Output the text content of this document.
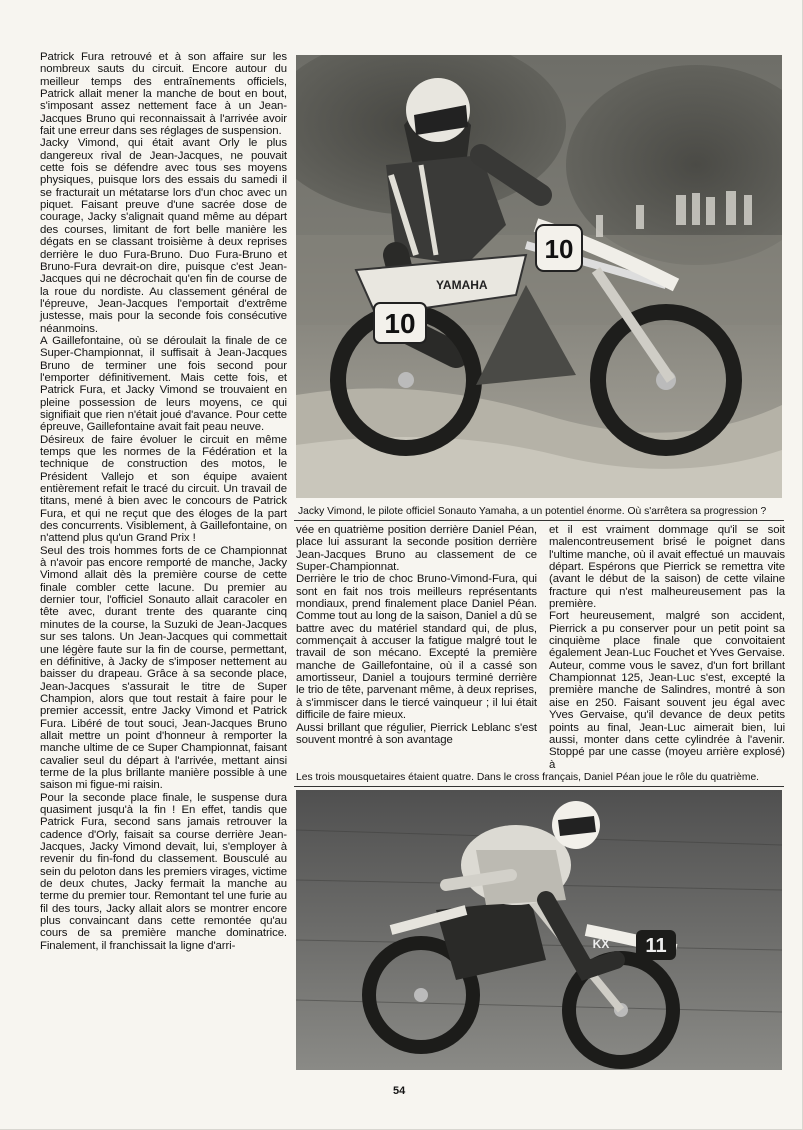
Patrick Fura retrouvé et à son affaire sur les nombreux sauts du circuit. Encore autour du meilleur temps des entraînements officiels, Patrick allait mener la manche de bout en bout, s'imposant assez nettement face à un Jean-Jacques Bruno qui reconnaissait à l'arrivée avoir fait une erreur dans ses réglages de suspension.

Jacky Vimond, qui était avant Orly le plus dangereux rival de Jean-Jacques, ne pouvait cette fois se défendre avec tous ses moyens physiques, puisque lors des essais du samedi il se fracturait un métatarse lors d'un choc avec un piquet. Faisant preuve d'une sacrée dose de courage, Jacky s'alignait quand même au départ des courses, limitant de fort belle manière les dégats en se classant troisième à deux reprises derrière le duo Fura-Bruno. Duo Fura-Bruno et Bruno-Fura devrait-on dire, puisque c'est Jean-Jacques qui ne décrochait qu'en fin de course de la roue du nordiste. Au classement général de l'épreuve, Jean-Jacques l'emportait d'extrême justesse, mais pour la seconde fois consécutive néanmoins.

A Gaillefontaine, où se déroulait la finale de ce Super-Championnat, il suffisait à Jean-Jacques Bruno de terminer une fois second pour l'emporter définitivement. Mais cette fois, et Patrick Fura, et Jacky Vimond se trouvaient en pleine possession de leurs moyens, ce qui signifiait que rien n'était joué d'avance. Pour cette épreuve, Gaillefontaine avait fait peau neuve.

Désireux de faire évoluer le circuit en même temps que les normes de la Fédération et la technique de construction des motos, le Président Vallejo et son équipe avaient entièrement refait le tracé du circuit. Un travail de titans, mené à bien avec le concours de Patrick Fura, et qui ne reçut que des éloges de la part des concurrents. Visiblement, à Gaillefontaine, on n'attend plus qu'un Grand Prix !

Seul des trois hommes forts de ce Championnat à n'avoir pas encore remporté de manche, Jacky Vimond allait dès la première course de cette finale combler cette lacune. Du premier au dernier tour, l'officiel Sonauto allait caracoler en tête avec, durant trente des quarante cinq minutes de la course, la Suzuki de Jean-Jacques sur ses talons. Un Jean-Jacques qui commettait une légère faute sur la fin de course, permettant, en définitive, à Jacky de s'imposer nettement au baisser du drapeau. Grâce à sa seconde place, Jean-Jacques s'assurait le titre de Super Champion, alors que tout restait à faire pour le premier accessit, entre Jacky Vimond et Patrick Fura. Libéré de tout souci, Jean-Jacques Bruno allait mettre un point d'honneur à remporter la manche ultime de ce Super Championnat, faisant cavalier seul du départ à l'arrivée, mettant ainsi terme de la plus brillante manière possible à une saison mi figue-mi raisin.

Pour la seconde place finale, le suspense dura quasiment jusqu'à la fin ! En effet, tandis que Patrick Fura, second sans jamais retrouver la cadence d'Orly, faisait sa course derrière Jean-Jacques, Jacky Vimond devait, lui, s'employer à revenir du fin-fond du classement. Bousculé au sein du peloton dans les premiers virages, victime de deux chutes, Jacky fermait la manche au terme du premier tour. Remontant tel une furie au fil des tours, Jacky allait alors se montrer encore plus convaincant dans cette remontée qu'au cours de sa première manche dominatrice. Finalement, il franchissait la ligne d'arri-

10
10
YAMAHA
Jacky Vimond, le pilote officiel Sonauto Yamaha, a un potentiel énorme. Où s'arrêtera sa progression ?

vée en quatrième position derrière Daniel Péan, place lui assurant la seconde position derrière Jean-Jacques Bruno au classement de ce Super-Championnat.

Derrière le trio de choc Bruno-Vimond-Fura, qui sont en fait nos trois meilleurs représentants mondiaux, prend finalement place Daniel Péan. Comme tout au long de la saison, Daniel a dû se battre avec du matériel standard qui, de plus, commençait à accuser la fatigue malgré tout le travail de son mécano. Excepté la première manche de Gaillefontaine, où il a cassé son amortisseur, Daniel a toujours terminé derrière le trio de tête, parvenant même, à deux reprises, à s'immiscer dans le tiercé vainqueur ; il lui était difficile de faire mieux.

Aussi brillant que régulier, Pierrick Leblanc s'est souvent montré à son avantage

et il est vraiment dommage qu'il se soit malencontreusement brisé le poignet dans l'ultime manche, où il avait effectué un mauvais départ. Espérons que Pierrick se remettra vite (avant le début de la saison) de cette vilaine fracture qui n'est malheureusement pas la première.

Fort heureusement, malgré son accident, Pierrick a pu conserver pour un petit point sa cinquième place finale que convoitaient également Jean-Luc Fouchet et Yves Gervaise. Auteur, comme vous le savez, d'un fort brillant Championnat 125, Jean-Luc s'est, excepté la première manche de Salindres, montré à son aise en 250. Faisant souvent jeu égal avec Yves Gervaise, qu'il devance de deux petits points au final, Jean-Luc aimerait bien, lui aussi, monter dans cette cylindrée à l'avenir. Stoppé par une casse (moyeu arrière explosé) à

Les trois mousquetaires étaient quatre. Dans le cross français, Daniel Péan joue le rôle du quatrième.
11
KX
54
